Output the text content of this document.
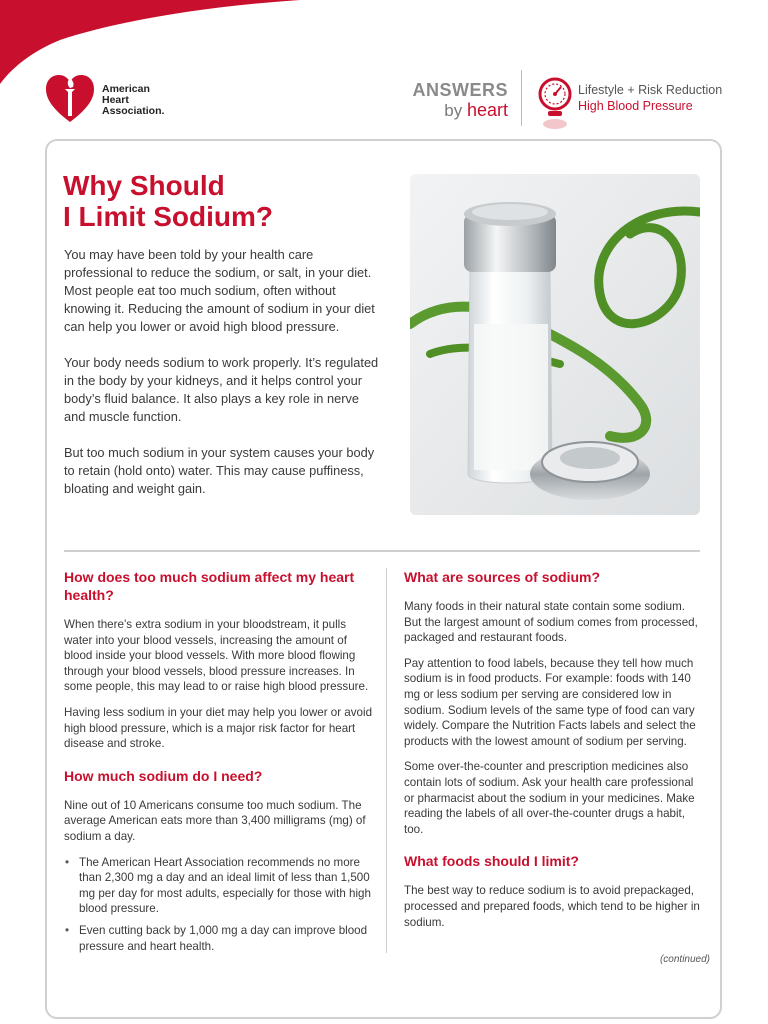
American
Heart
Association.
ANSWERS
by heart
Lifestyle + Risk Reduction
High Blood Pressure
Why Should
I Limit Sodium?

You may have been told by your health care professional to reduce the sodium, or salt, in your diet. Most people eat too much sodium, often without knowing it. Reducing the amount of sodium in your diet can help you lower or avoid high blood pressure.

Your body needs sodium to work properly. It’s regulated in the body by your kidneys, and it helps control your body’s fluid balance. It also plays a key role in nerve and muscle function.

But too much sodium in your system causes your body to retain (hold onto) water. This may cause puffiness, bloating and weight gain.

How does too much sodium affect my heart health?

When there’s extra sodium in your bloodstream, it pulls water into your blood vessels, increasing the amount of blood inside your blood vessels. With more blood flowing through your blood vessels, blood pressure increases. In some people, this may lead to or raise high blood pressure.

Having less sodium in your diet may help you lower or avoid high blood pressure, which is a major risk factor for heart disease and stroke.

How much sodium do I need?

Nine out of 10 Americans consume too much sodium. The average American eats more than 3,400 milligrams (mg) of sodium a day.

• The American Heart Association recommends no more than 2,300 mg a day and an ideal limit of less than 1,500 mg per day for most adults, especially for those with high blood pressure.
• Even cutting back by 1,000 mg a day can improve blood pressure and heart health.
What are sources of sodium?

Many foods in their natural state contain some sodium. But the largest amount of sodium comes from processed, packaged and restaurant foods.

Pay attention to food labels, because they tell how much sodium is in food products. For example: foods with 140 mg or less sodium per serving are considered low in sodium. Sodium levels of the same type of food can vary widely. Compare the Nutrition Facts labels and select the products with the lowest amount of sodium per serving.

Some over-the-counter and prescription medicines also contain lots of sodium. Ask your health care professional or pharmacist about the sodium in your medicines. Make reading the labels of all over-the-counter drugs a habit, too.

What foods should I limit?

The best way to reduce sodium is to avoid prepackaged, processed and prepared foods, which tend to be higher in sodium.

(continued)
